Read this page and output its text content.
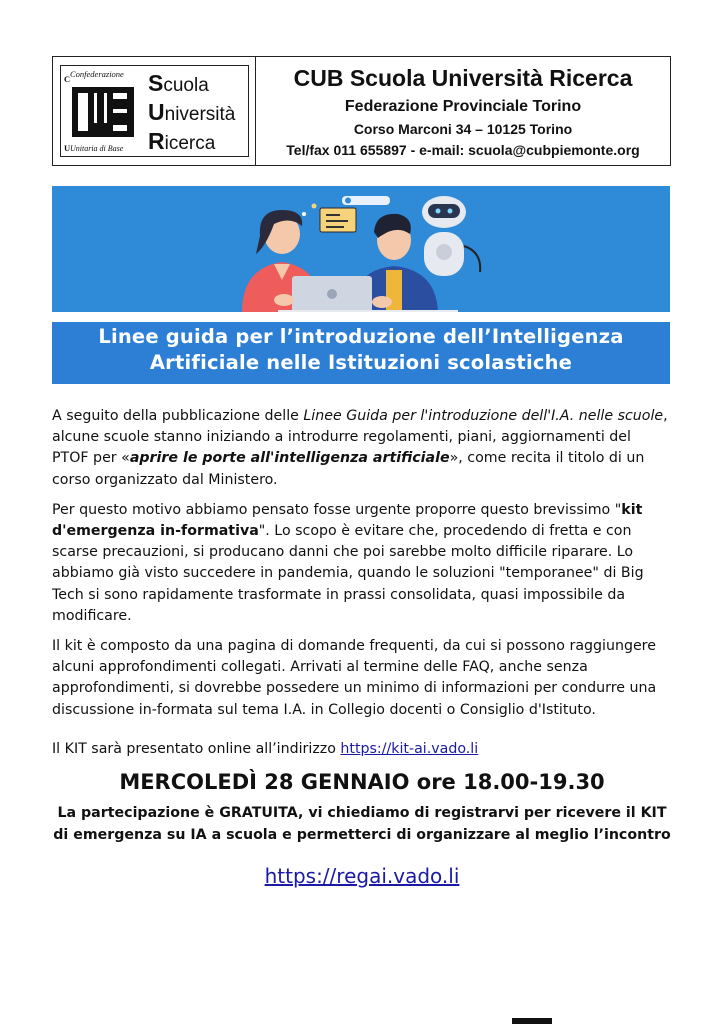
C
U
Confederazione
Unitaria di Base
Scuola
Università
Ricerca
CUB Scuola Università Ricerca
Federazione Provinciale Torino
Corso Marconi 34 – 10125 Torino
Tel/fax 011 655897 - e-mail: scuola@cubpiemonte.org
Linee guida per l’introduzione dell’Intelligenza
Artificiale nelle Istituzioni scolastiche

A seguito della pubblicazione delle Linee Guida per l'introduzione dell'I.A. nelle scuole, alcune scuole stanno iniziando a introdurre regolamenti, piani, aggiornamenti del PTOF per «aprire le porte all'intelligenza artificiale», come recita il titolo di un corso organizzato dal Ministero.

Per questo motivo abbiamo pensato fosse urgente proporre questo brevissimo "kit d'emergenza in-formativa". Lo scopo è evitare che, procedendo di fretta e con scarse precauzioni, si producano danni che poi sarebbe molto difficile riparare. Lo abbiamo già visto succedere in pandemia, quando le soluzioni "temporanee" di Big Tech si sono rapidamente trasformate in prassi consolidata, quasi impossibile da modificare.

Il kit è composto da una pagina di domande frequenti, da cui si possono raggiungere alcuni approfondimenti collegati. Arrivati al termine delle FAQ, anche senza approfondimenti, si dovrebbe possedere un minimo di informazioni per condurre una discussione in-formata sul tema I.A. in Collegio docenti o Consiglio d'Istituto.

Il KIT sarà presentato online all’indirizzo https://kit-ai.vado.li

MERCOLEDÌ 28 GENNAIO ore 18.00-19.30
La partecipazione è GRATUITA, vi chiediamo di registrarvi per ricevere il KIT di emergenza su IA a scuola e permetterci di organizzare al meglio l’incontro
https://regai.vado.li
